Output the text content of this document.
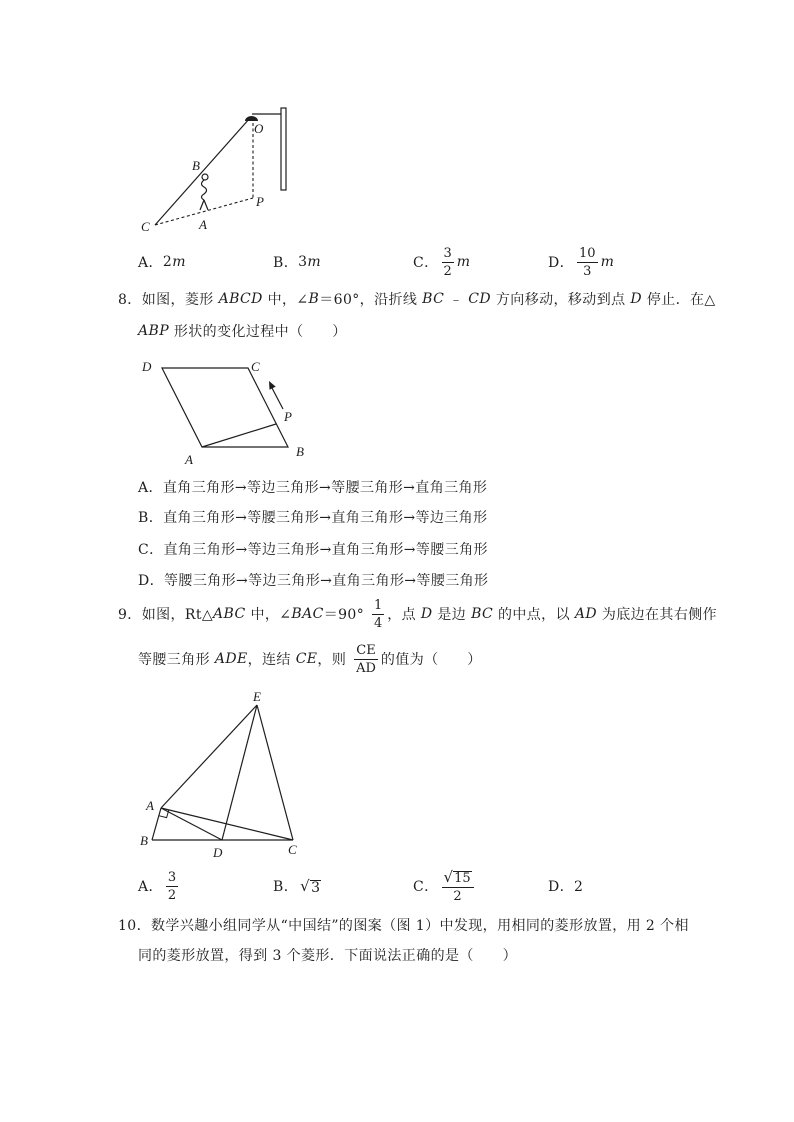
O
B
A
C
P
A． 2 m	B． 3 m	C． $\frac{3}{2}$ m	D． $\frac{10}{3}$ m
8．如图，菱形 ABCD 中，∠ B ＝60°，沿折线 BC ﹣ CD 方向移动，移动到点 D 停止．在△
ABP 形状的变化过程中（　　）
D	C
P
B
A
A．直角三角形→等边三角形→等腰三角形→直角三角形
B．直角三角形→等腰三角形→直角三角形→等边三角形
C．直角三角形→等边三角形→直角三角形→等腰三角形
D．等腰三角形→等边三角形→直角三角形→等腰三角形
9．如图，Rt△ ABC 中，∠ BAC $=90^\circ \frac{1}{4}$ ，点 D 是边 BC 的中点，以 AD 为底边在其右侧作
等腰三角形 ADE ，连结 CE ，则 $\frac{CE}{AD}$ 的值为（　　）
E
A
B
D	C
A． $\frac{3}{2}$	B． √ 3	C． $\frac{√ 15}{2}$	D．2
10．数学兴趣小组同学从“中国结”的图案（图 1）中发现，用相同的菱形放置，用 2 个相
同的菱形放置，得到 3 个菱形．下面说法正确的是（　　）
